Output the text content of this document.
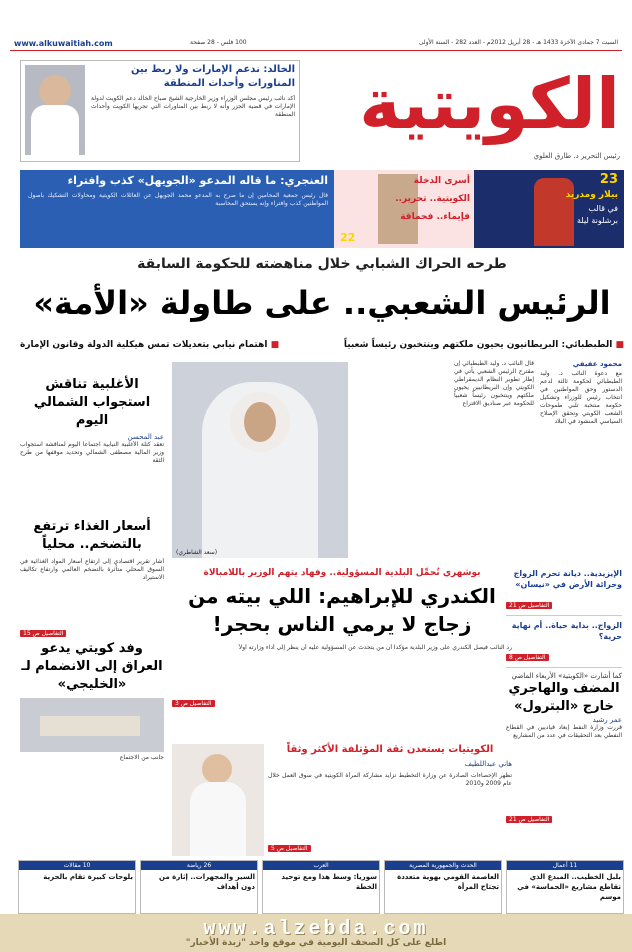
www.alkuwaitiah.com	السبت 7 جمادى الآخرة 1433 هـ - 28 أبريل 2012م - العدد 282 - السنة الأولى
100 فلس - 28 صفحة
الكويتية
رئيس التحرير د. طارق العلوي
الخالد: ندعم الإمارات ولا ربط بين المناورات وأحداث المنطقة
أكد نائب رئيس مجلس الوزراء وزير الخارجية الشيخ صباح الخالد دعم الكويت لدولة الإمارات في قضية الجزر وأنه لا ربط بين المناورات التي تجريها الكويت وأحداث المنطقة
23
بيلار ومدريد
في قالب
برشلونة ليلة
أسرى الدخلة
الكويتية.. تحرير..
فإيماء.. فحماقة
22
العنجري: ما قاله المدعو «الجويهل» كذب وافتراء
قال رئيس جمعية المحامين إن ما صرح به المدعو محمد الجويهل عن العائلات الكويتية ومحاولات التشكيك بأصول المواطنين كذب وافتراء وإنه يستحق المحاسبة
طرحه الحراك الشبابي خلال مناهضته للحكومة السابقة
الرئيس الشعبي.. على طاولة «الأمة»
■ الطبطبائي: البريطانيون يحيون ملكتهم وينتخبون رئيساً شعبياً
■ اهتمام نيابي بتعديلات تمس هيكلية الدولة وقانون الإمارة
محمود عفيفي
مع دعوة النائب د. وليد الطبطبائي لحكومة ثالثة لدعم الدستور وحق المواطنين في انتخاب رئيس للوزراء وتشكيل حكومة منتخبة تلبي طموحات الشعب الكويتي وتحقق الإصلاح السياسي المنشود في البلاد
قال النائب د. وليد الطبطبائي إن مقترح الرئيس الشعبي يأتي في إطار تطوير النظام الديمقراطي الكويتي وإن البريطانيين يحيون ملكتهم وينتخبون رئيساً شعبياً للحكومة عبر صناديق الاقتراع
(سعد الشاطري)
الأغلبية تناقش استجواب الشمالي اليوم
عبد المحسن
تعقد كتلة الأغلبية النيابية اجتماعاً اليوم لمناقشة استجواب وزير المالية مصطفى الشمالي وتحديد موقفها من طرح الثقة
أسعار الغذاء ترتفع بالتضخم.. محلياً
أشار تقرير اقتصادي إلى ارتفاع أسعار المواد الغذائية في السوق المحلي متأثرة بالتضخم العالمي وارتفاع تكاليف الاستيراد
التفاصيل ص 15
وفد كويتي يدعو العراق إلى الانضمام لـ «الخليجي»
جانب من الاجتماع
بوشهري تُحمِّل البلدية المسؤولية.. وفهاد يتهم الوزير باللامبالاة
الكندري للإبراهيم: اللي بيته من زجاج لا يرمي الناس بحجر!
رد النائب فيصل الكندري على وزير البلدية مؤكداً أن من يتحدث عن المسؤولية عليه أن ينظر إلى أداء وزارته أولاً
التفاصيل ص 3
الإيزيدية.. ديانة تحرم الزواج وحرائة الأرض في «نيسان»
التفاصيل ص 21
الزواج.. بداية حياة.. أم نهاية حرية؟
التفاصيل ص 8
كما أشارت «الكويتية» الأربعاء الماضي
المضف والهاجري خارج «البترول»
عمر رشيد
قررت وزارة النفط إبعاد قياديين في القطاع النفطي بعد التحقيقات في عدد من المشاريع
التفاصيل ص 21
الكويتيات يستعدن ثقة المؤتلفة الأكثر وثقاً
هاني عبداللطيف
تظهر الإحصاءات الصادرة عن وزارة التخطيط تزايد مشاركة المرأة الكويتية في سوق العمل خلال عام 2009 و2010
التفاصيل ص 5
11 أعمال
بلبل الخطيب.. المبدع الذي تقاطع مشاريع «الحماسة» في موسم
الحدث والجمهورية المصرية
العاصمة القومي بهوية متعددة تجتاح المرأة
العرب
سوريا: وسط هذا ومع توحيد الخطة
26 رياضة
السير والمجهرات.. إثارة من دون أهداف
10 مقالات
بلوحات كبيرة تقام بالحرية
www.alzebda.com
اطلع على كل الصحف اليومية في موقع واحد "زبدة الأخبار"
